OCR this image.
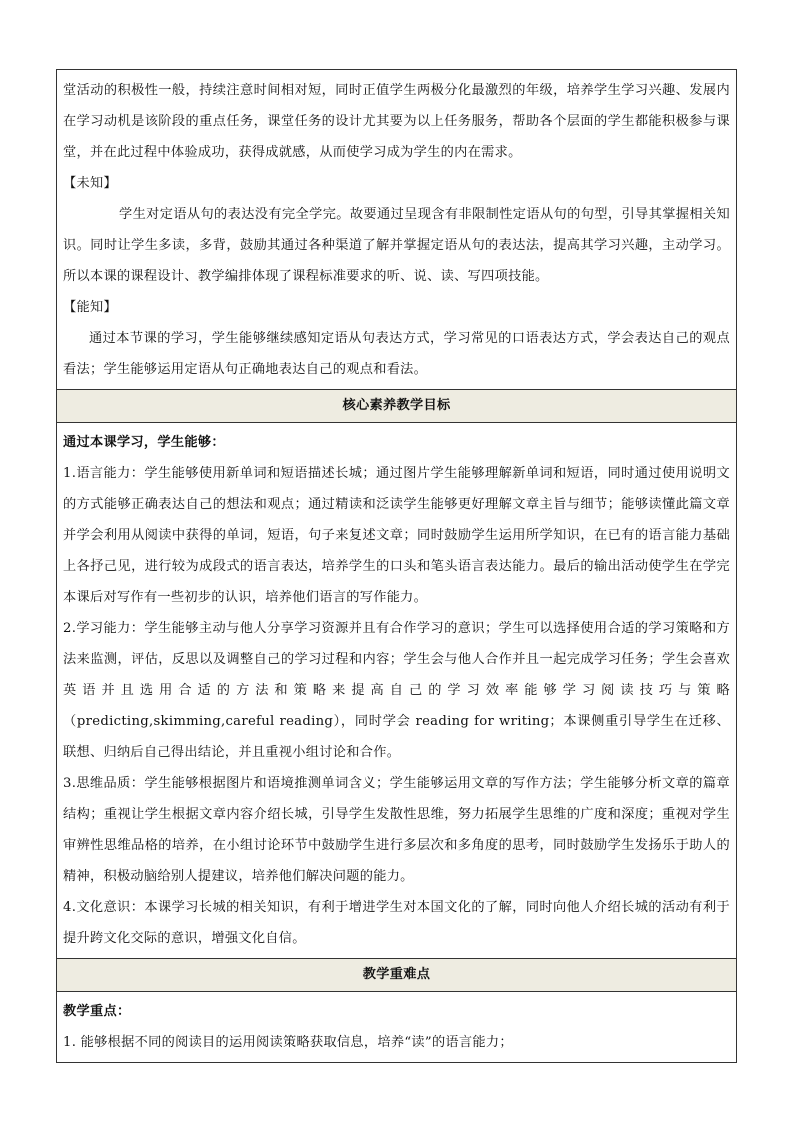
堂活动的积极性一般，持续注意时间相对短，同时正值学生两极分化最激烈的年级，培养学生学习兴趣、发展内在学习动机是该阶段的重点任务，课堂任务的设计尤其要为以上任务服务，帮助各个层面的学生都能积极参与课堂，并在此过程中体验成功，获得成就感，从而使学习成为学生的内在需求。

【未知】

学生对定语从句的表达没有完全学完。故要通过呈现含有非限制性定语从句的句型，引导其掌握相关知识。同时让学生多读，多背，鼓励其通过各种渠道了解并掌握定语从句的表达法，提高其学习兴趣，主动学习。所以本课的课程设计、教学编排体现了课程标准要求的听、说、读、写四项技能。

【能知】

通过本节课的学习，学生能够继续感知定语从句表达方式，学习常见的口语表达方式，学会表达自己的观点看法；学生能够运用定语从句正确地表达自己的观点和看法。

核心素养教学目标

通过本课学习，学生能够：

1.语言能力：学生能够使用新单词和短语描述长城；通过图片学生能够理解新单词和短语，同时通过使用说明文的方式能够正确表达自己的想法和观点；通过精读和泛读学生能够更好理解文章主旨与细节；能够读懂此篇文章并学会利用从阅读中获得的单词，短语，句子来复述文章；同时鼓励学生运用所学知识，在已有的语言能力基础上各抒己见，进行较为成段式的语言表达，培养学生的口头和笔头语言表达能力。最后的输出活动使学生在学完本课后对写作有一些初步的认识，培养他们语言的写作能力。

2.学习能力：学生能够主动与他人分享学习资源并且有合作学习的意识；学生可以选择使用合适的学习策略和方法来监测，评估，反思以及调整自己的学习过程和内容；学生会与他人合作并且一起完成学习任务；学生会喜欢英语并且选用合适的方法和策略来提高自己的学习效率能够学习阅读技巧与策略（predicting,skimming,careful reading），同时学会 reading for writing；本课侧重引导学生在迁移、联想、归纳后自己得出结论，并且重视小组讨论和合作。

3.思维品质：学生能够根据图片和语境推测单词含义；学生能够运用文章的写作方法；学生能够分析文章的篇章结构；重视让学生根据文章内容介绍长城，引导学生发散性思维，努力拓展学生思维的广度和深度；重视对学生审辨性思维品格的培养，在小组讨论环节中鼓励学生进行多层次和多角度的思考，同时鼓励学生发扬乐于助人的精神，积极动脑给别人提建议，培养他们解决问题的能力。

4.文化意识：本课学习长城的相关知识，有利于增进学生对本国文化的了解，同时向他人介绍长城的活动有利于提升跨文化交际的意识，增强文化自信。

教学重难点

教学重点：

1. 能够根据不同的阅读目的运用阅读策略获取信息，培养“读”的语言能力；
